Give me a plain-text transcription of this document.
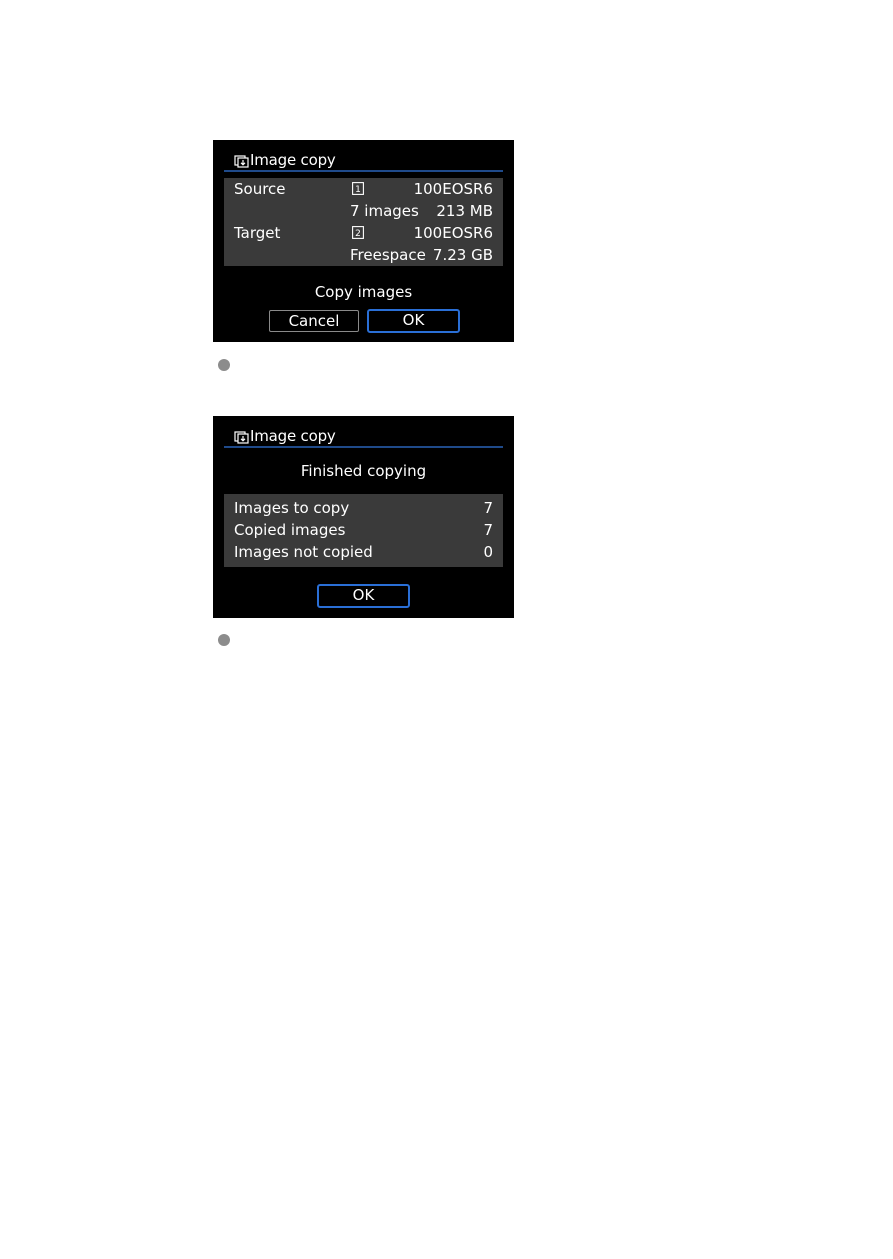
Image copy
Source	1	100EOSR6
7 images 213 MB
Target	2	100EOSR6
Freespace 7.23 GB
Copy images
Cancel	OK
Image copy
Finished copying
Images to copy	7
Copied images	7
Images not copied	0
OK
